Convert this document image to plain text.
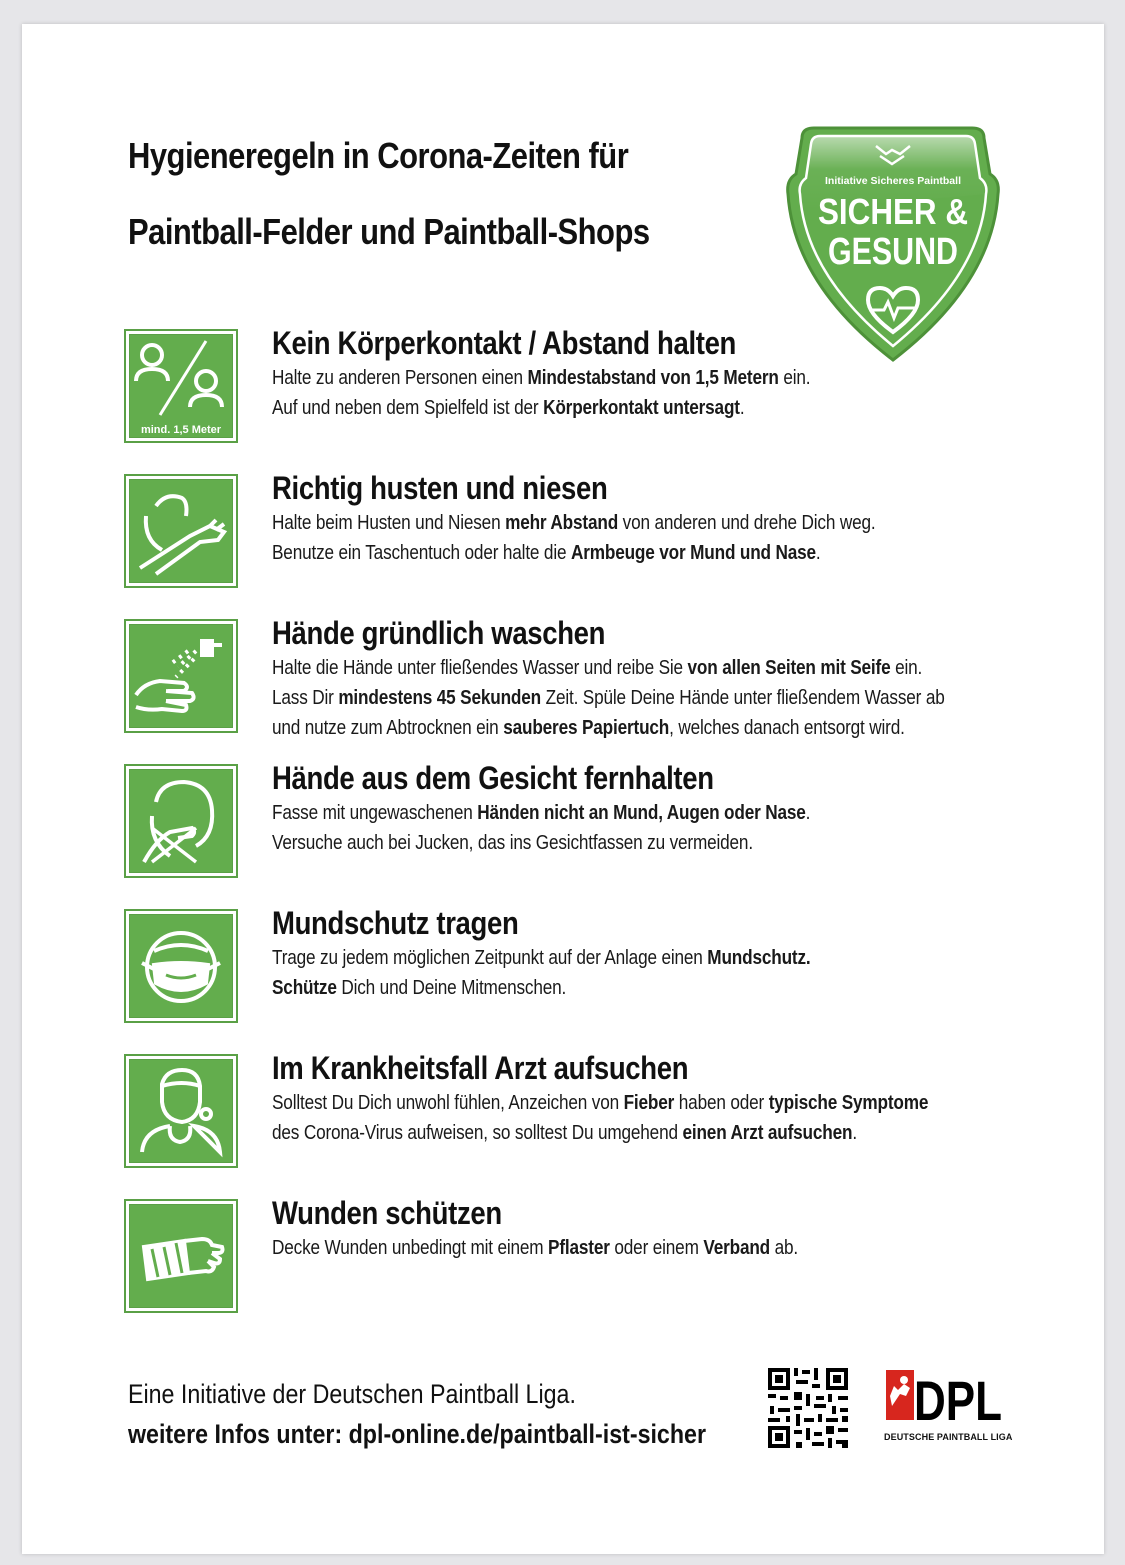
Hygieneregeln in Corona-Zeiten für
Paintball-Felder und Paintball-Shops
Initiative Sicheres Paintball
SICHER &
GESUND
mind. 1,5 Meter
Kein Körperkontakt / Abstand halten
Halte zu anderen Personen einen Mindestabstand von 1,5 Metern ein.
Auf und neben dem Spielfeld ist der Körperkontakt untersagt.
Richtig husten und niesen
Halte beim Husten und Niesen mehr Abstand von anderen und drehe Dich weg.
Benutze ein Taschentuch oder halte die Armbeuge vor Mund und Nase.
Hände gründlich waschen
Halte die Hände unter fließendes Wasser und reibe Sie von allen Seiten mit Seife ein.
Lass Dir mindestens 45 Sekunden Zeit. Spüle Deine Hände unter fließendem Wasser ab
und nutze zum Abtrocknen ein sauberes Papiertuch, welches danach entsorgt wird.
Hände aus dem Gesicht fernhalten
Fasse mit ungewaschenen Händen nicht an Mund, Augen oder Nase.
Versuche auch bei Jucken, das ins Gesichtfassen zu vermeiden.
Mundschutz tragen
Trage zu jedem möglichen Zeitpunkt auf der Anlage einen Mundschutz.
Schütze Dich und Deine Mitmenschen.
Im Krankheitsfall Arzt aufsuchen
Solltest Du Dich unwohl fühlen, Anzeichen von Fieber haben oder typische Symptome
des Corona-Virus aufweisen, so solltest Du umgehend einen Arzt aufsuchen.
Wunden schützen
Decke Wunden unbedingt mit einem Pflaster oder einem Verband ab.
Eine Initiative der Deutschen Paintball Liga.
weitere Infos unter: dpl-online.de/paintball-ist-sicher
DPL
DEUTSCHE PAINTBALL LIGA
